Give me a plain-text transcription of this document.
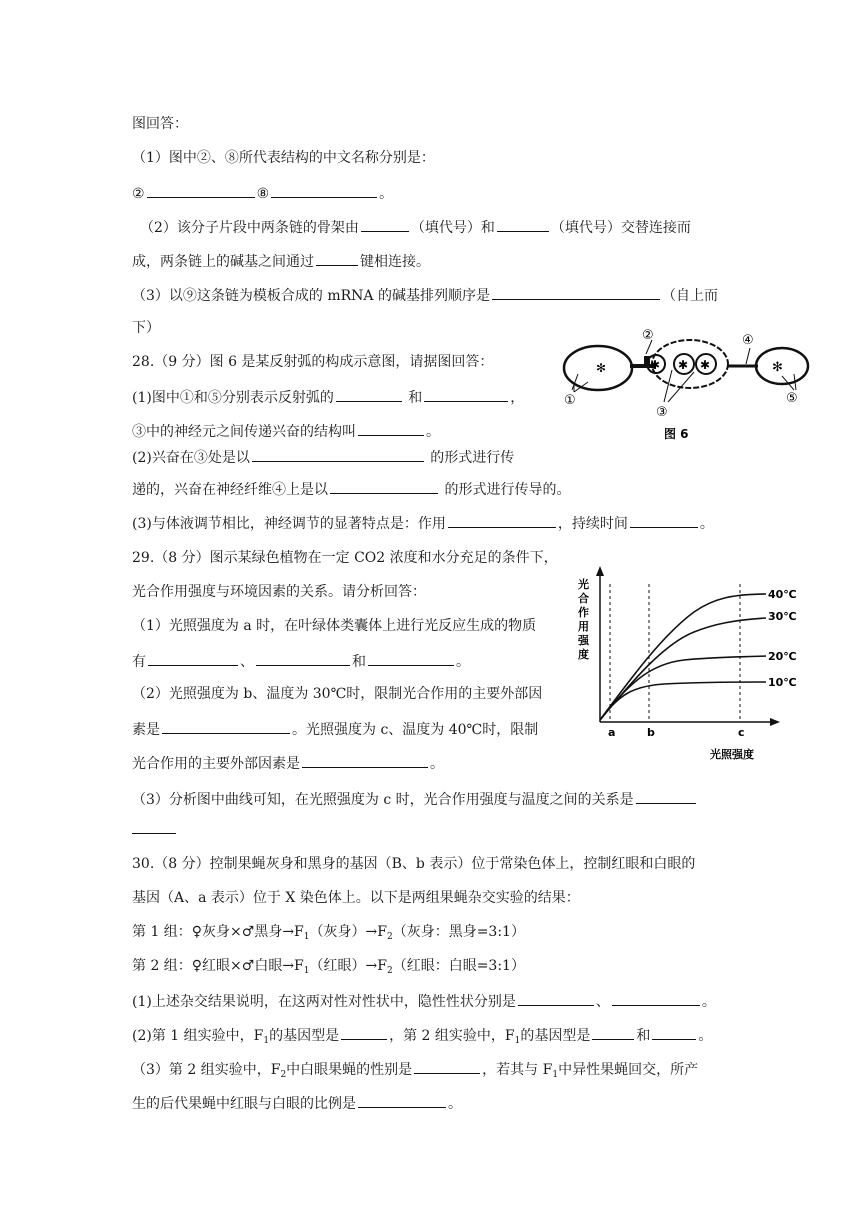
图回答：
（1）图中②、⑧所代表结构的中文名称分别是：
②	⑧	。
（2）该分子片段中两条链的骨架由	（填代号）和	（填代号）交替连接而
成，两条链上的碱基之间通过	键相连接。
（3）以⑨这条链为模板合成的 mRNA 的碱基排列顺序是	（自上而
下）
28.（9 分）图 6 是某反射弧的构成示意图，请据图回答：
(1)图中①和⑤分别表示反射弧的	和	，
③中的神经元之间传递兴奋的结构叫	。
(2)兴奋在③处是以	的形式进行传
递的，兴奋在神经纤维④上是以	的形式进行传导的。
(3)与体液调节相比，神经调节的显著特点是：作用	，持续时间	。
✻	✱ ✱ ✱	✻
①
②
③
④
⑤
图 6
29.（8 分）图示某绿色植物在一定 CO2 浓度和水分充足的条件下，
光合作用强度与环境因素的关系。请分析回答：
（1）光照强度为 a 时，在叶绿体类囊体上进行光反应生成的物质
有	、	和	。
（2）光照强度为 b、温度为 30℃时，限制光合作用的主要外部因
素是	。光照强度为 c、温度为 40℃时，限制
光合作用的主要外部因素是	。
（3）分析图中曲线可知，在光照强度为 c 时，光合作用强度与温度之间的关系是
光
合
作
用
强
度
a	b	c
光照强度
40℃
30℃
20℃
10℃
30.（8 分）控制果蝇灰身和黑身的基因（B、b 表示）位于常染色体上，控制红眼和白眼的
基因（A、a 表示）位于 X 染色体上。以下是两组果蝇杂交实验的结果：
第 1 组：♀灰身×♂黑身$\to F_1$（灰身）$\to F_2$（灰身：黑身=3:1）
第 2 组：♀红眼×♂白眼$\to F_1$（红眼）$\to F_2$（红眼：白眼=3:1）
(1)上述杂交结果说明，在这两对性对性状中，隐性性状分别是	、	。
(2)第 1 组实验中，$F_1$的基因型是	，第 2 组实验中，$F_1$的基因型是	和	。
（3）第 2 组实验中，$F_2$中白眼果蝇的性别是	，若其与 $F_1$中异性果蝇回交，所产
生的后代果蝇中红眼与白眼的比例是	。
